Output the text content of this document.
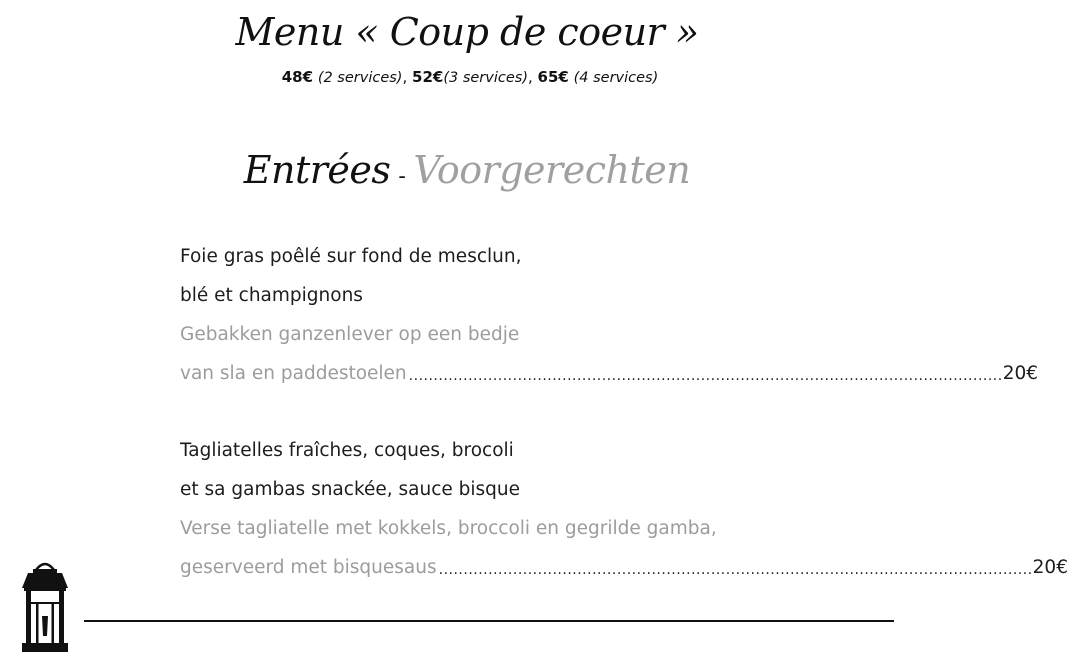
Menu « Coup de coeur »
48€ (2 services), 52€(3 services), 65€ (4 services)
Entrées - Voorgerechten
Foie gras poêlé sur fond de mesclun,
blé et champignons
Gebakken ganzenlever op een bedje
van sla en paddestoelen ........................................................................................................................ 20€
Tagliatelles fraîches, coques, brocoli
et sa gambas snackée, sauce bisque
Verse tagliatelle met kokkels, broccoli en gegrilde gamba,
geserveerd met bisquesaus ........................................................................................................................ 20€
